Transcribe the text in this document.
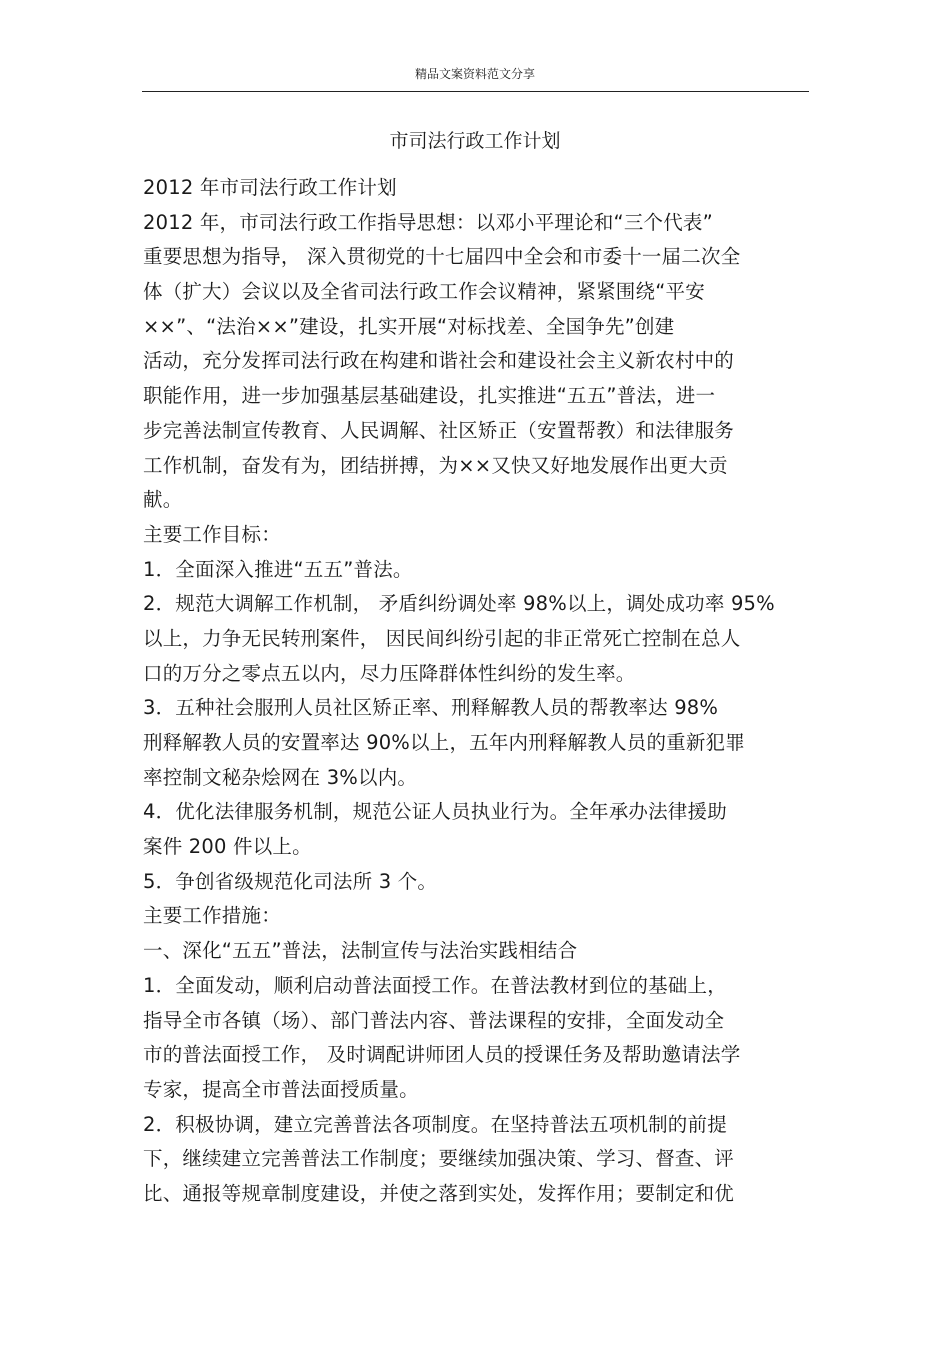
精品文案资料范文分享
市司法行政工作计划
2012 年市司法行政工作计划
2012 年，市司法行政工作指导思想：以邓小平理论和“三个代表”
重要思想为指导， 深入贯彻党的十七届四中全会和市委十一届二次全
体（扩大）会议以及全省司法行政工作会议精神，紧紧围绕“平安
××”、“法治××”建设，扎实开展“对标找差、全国争先”创建
活动，充分发挥司法行政在构建和谐社会和建设社会主义新农村中的
职能作用，进一步加强基层基础建设，扎实推进“五五”普法，进一
步完善法制宣传教育、人民调解、社区矫正（安置帮教）和法律服务
工作机制，奋发有为，团结拼搏，为××又快又好地发展作出更大贡
献。
主要工作目标：
1．全面深入推进“五五”普法。
2．规范大调解工作机制， 矛盾纠纷调处率 98%以上，调处成功率 95%
以上，力争无民转刑案件， 因民间纠纷引起的非正常死亡控制在总人
口的万分之零点五以内，尽力压降群体性纠纷的发生率。
3．五种社会服刑人员社区矫正率、刑释解教人员的帮教率达 98%
刑释解教人员的安置率达 90%以上，五年内刑释解教人员的重新犯罪
率控制文秘杂烩网在 3%以内。
4．优化法律服务机制，规范公证人员执业行为。全年承办法律援助
案件 200 件以上。
5．争创省级规范化司法所 3 个。
主要工作措施：
一、深化“五五”普法，法制宣传与法治实践相结合
1．全面发动，顺利启动普法面授工作。在普法教材到位的基础上，
指导全市各镇（场）、部门普法内容、普法课程的安排，全面发动全
市的普法面授工作， 及时调配讲师团人员的授课任务及帮助邀请法学
专家，提高全市普法面授质量。
2．积极协调，建立完善普法各项制度。在坚持普法五项机制的前提
下，继续建立完善普法工作制度；要继续加强决策、学习、督查、评
比、通报等规章制度建设，并使之落到实处，发挥作用；要制定和优
